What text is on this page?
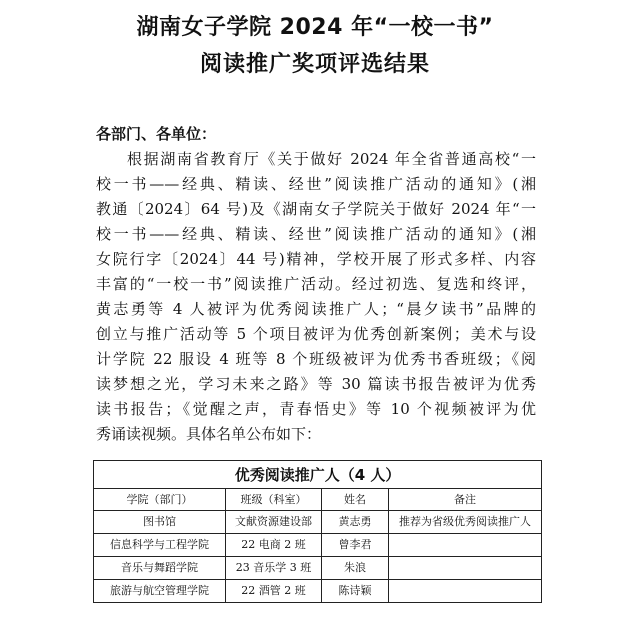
湖南女子学院 2024 年“一校一书”
阅读推广奖项评选结果
各部门、各单位：
根据湖南省教育厅《关于做好 2024 年全省普通高校“一
校一书——经典、精读、经世”阅读推广活动的通知》(湘
教通〔2024〕64 号)及《湖南女子学院关于做好 2024 年“一
校一书——经典、精读、经世”阅读推广活动的通知》(湘
女院行字〔2024〕44 号)精神，学校开展了形式多样、内容
丰富的“一校一书”阅读推广活动。经过初选、复选和终评，
黄志勇等 4 人被评为优秀阅读推广人；“晨夕读书”品牌的
创立与推广活动等 5 个项目被评为优秀创新案例；美术与设
计学院 22 服设 4 班等 8 个班级被评为优秀书香班级；《阅
读梦想之光，学习未来之路》等 30 篇读书报告被评为优秀
读书报告；《觉醒之声，青春悟史》等 10 个视频被评为优
秀诵读视频。具体名单公布如下：
优秀阅读推广人（4 人）			
学院（部门）	班级（科室）	姓名	备注
图书馆	文献资源建设部	黄志勇	推荐为省级优秀阅读推广人
信息科学与工程学院	22 电商 2 班	曾李君	
音乐与舞蹈学院	23 音乐学 3 班	朱浪	
旅游与航空管理学院	22 酒管 2 班	陈诗颖	
